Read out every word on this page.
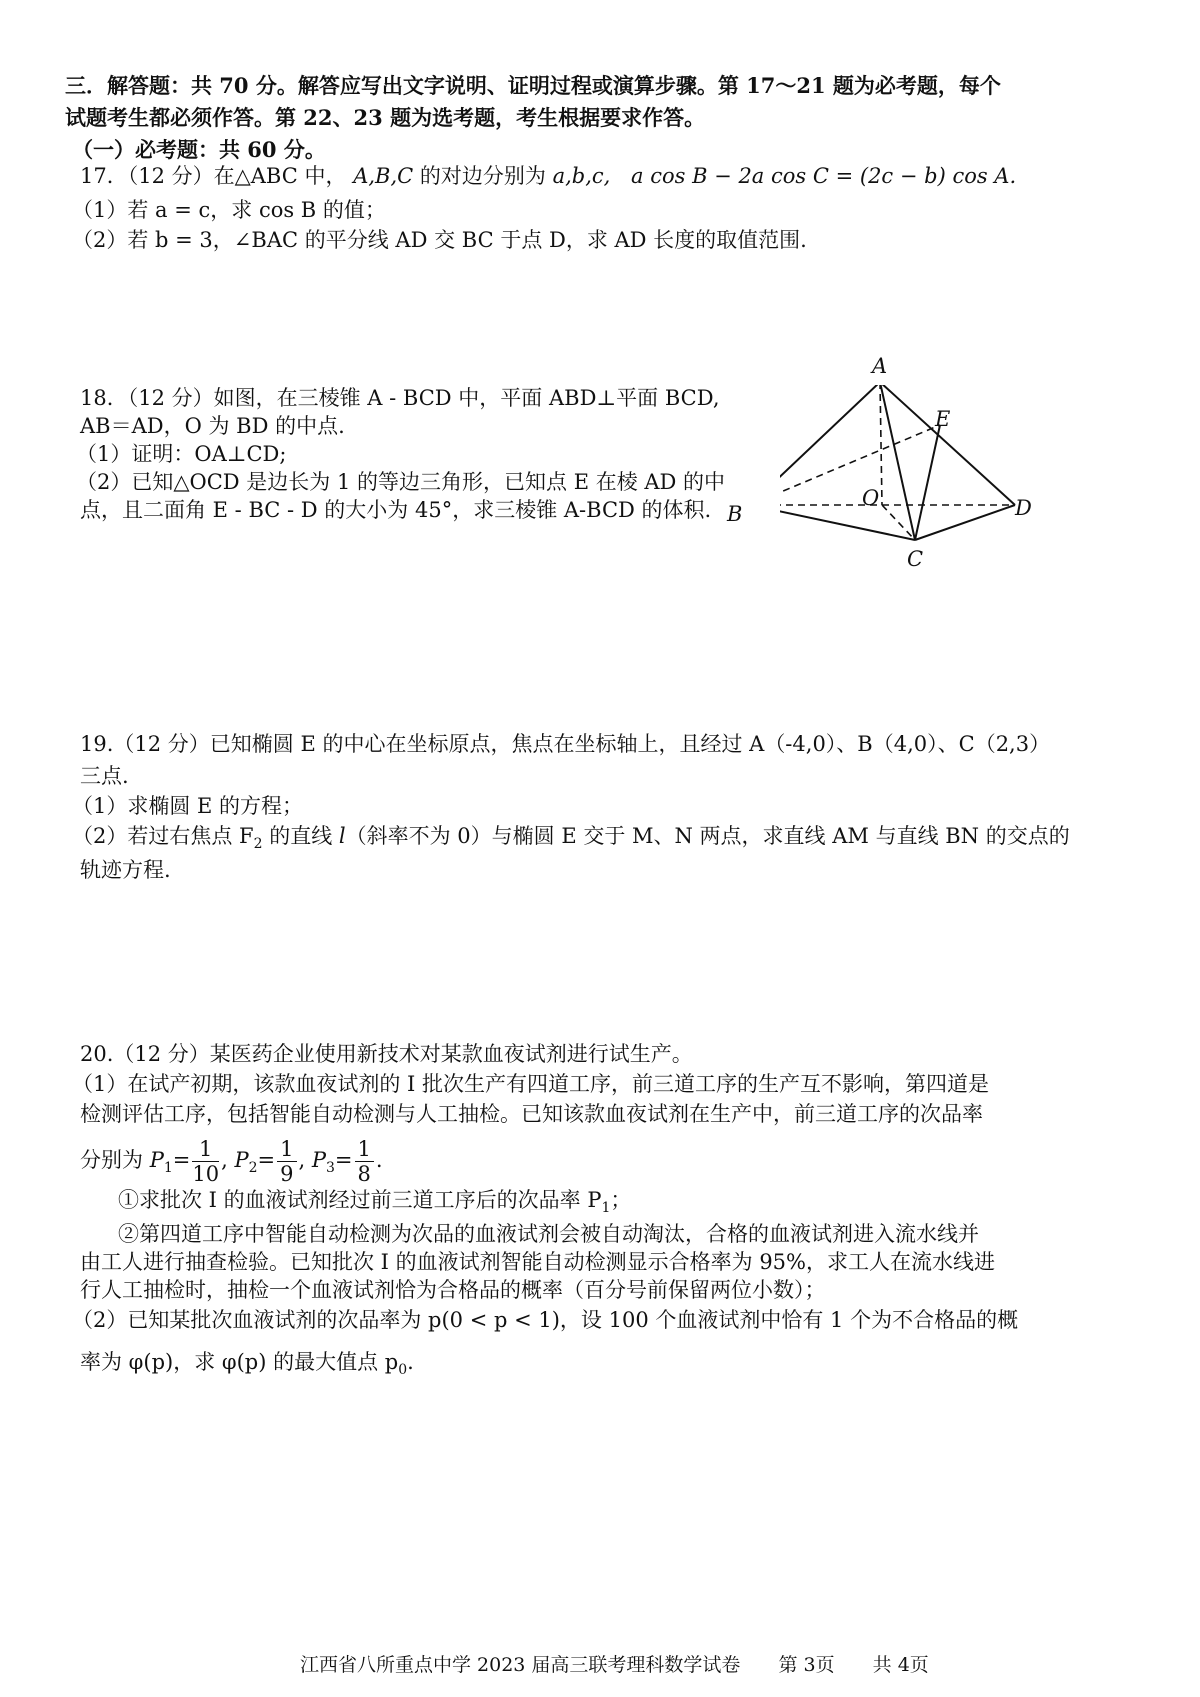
三．解答题：共 70 分。解答应写出文字说明、证明过程或演算步骤。第 17～21 题为必考题，每个
试题考生都必须作答。第 22、23 题为选考题，考生根据要求作答。
（一）必考题：共 60 分。
17．（12 分）在△ABC 中， A,B,C 的对边分别为 a,b,c, a cos B − 2a cos C = (2c − b) cos A.
（1）若 a = c，求 cos B 的值；
（2）若 b = 3，∠BAC 的平分线 AD 交 BC 于点 D，求 AD 长度的取值范围.
18．（12 分）如图，在三棱锥 A - BCD 中，平面 ABD⊥平面 BCD,
AB＝AD，O 为 BD 的中点.
（1）证明：OA⊥CD;
（2）已知△OCD 是边长为 1 的等边三角形，已知点 E 在棱 AD 的中
点，且二面角 E - BC - D 的大小为 45°，求三棱锥 A-BCD 的体积.
A
B
C
D
E
O
19.（12 分）已知椭圆 E 的中心在坐标原点，焦点在坐标轴上，且经过 A（-4,0）、B（4,0）、C（2,3）
三点.
（1）求椭圆 E 的方程；
（2）若过右焦点 $F_2$ 的直线 l（斜率不为 0）与椭圆 E 交于 M、N 两点，求直线 AM 与直线 BN 的交点的
轨迹方程.
20.（12 分）某医药企业使用新技术对某款血夜试剂进行试生产。
（1）在试产初期，该款血夜试剂的 I 批次生产有四道工序，前三道工序的生产互不影响，第四道是
检测评估工序，包括智能自动检测与人工抽检。已知该款血夜试剂在生产中，前三道工序的次品率
分别为 $P_1= \frac{1}{10}$ , $P_2= \frac{1}{9}$ , $P_3= \frac{1}{8}$ .
①求批次 I 的血液试剂经过前三道工序后的次品率 $P_1$；
②第四道工序中智能自动检测为次品的血液试剂会被自动淘汰，合格的血液试剂进入流水线并
由工人进行抽查检验。已知批次 I 的血液试剂智能自动检测显示合格率为 95%，求工人在流水线进
行人工抽检时，抽检一个血液试剂恰为合格品的概率（百分号前保留两位小数）；
（2）已知某批次血液试剂的次品率为 p(0 < p < 1)，设 100 个血液试剂中恰有 1 个为不合格品的概
率为 φ(p)，求 φ(p) 的最大值点 $p_0$.
江西省八所重点中学 2023 届高三联考理科数学试卷 第 3页 共 4页
